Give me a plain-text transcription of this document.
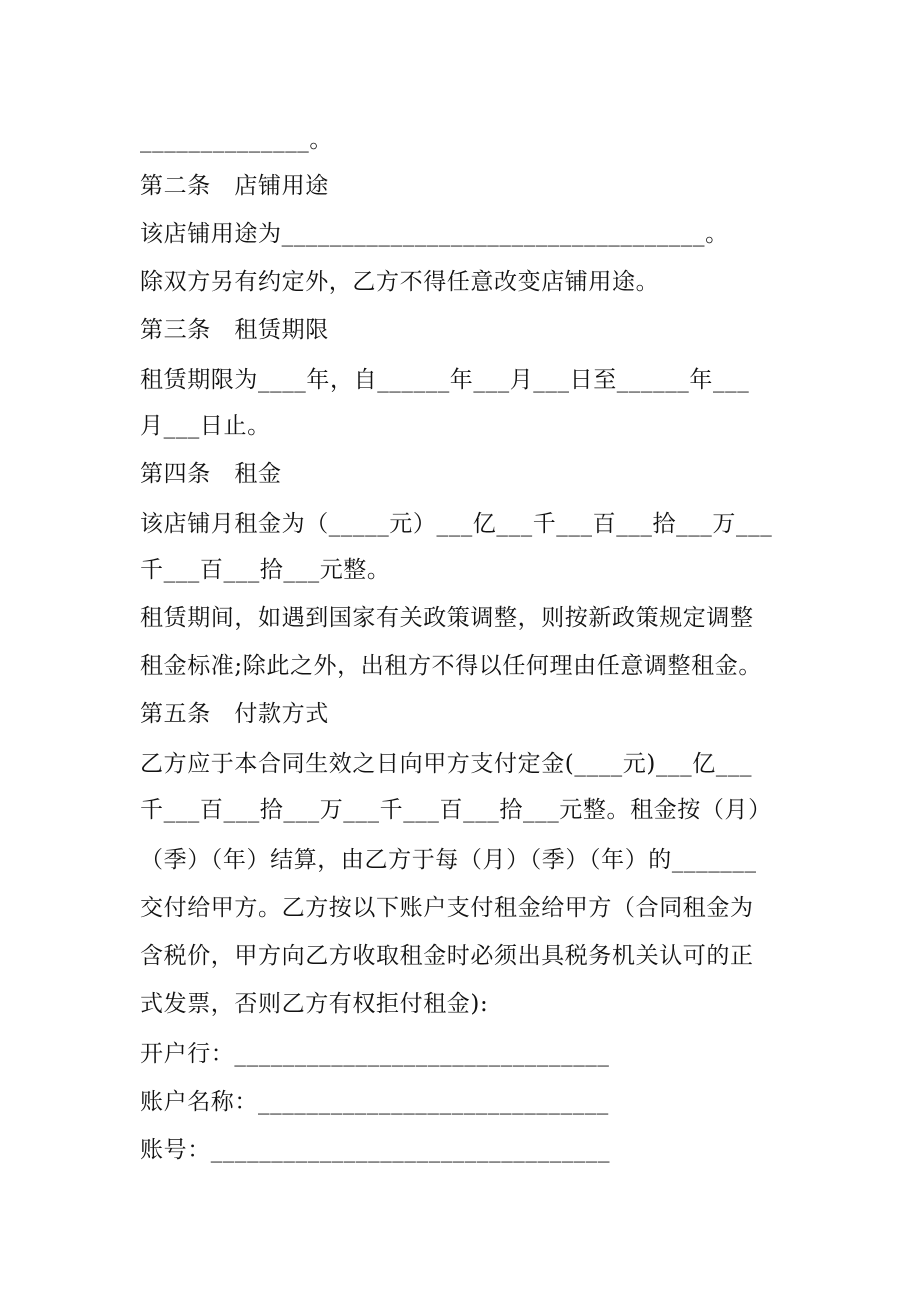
______________。
第二条　店铺用途
该店铺用途为___________________________________。
除双方另有约定外，乙方不得任意改变店铺用途。
第三条　租赁期限
租赁期限为____年，自______年___月___日至______年___
月___日止。
第四条　租金
该店铺月租金为（_____元）___亿___千___百___拾___万___
千___百___拾___元整。
租赁期间，如遇到国家有关政策调整，则按新政策规定调整
租金标准;除此之外，出租方不得以任何理由任意调整租金。
第五条　付款方式
乙方应于本合同生效之日向甲方支付定金(____元)___亿___
千___百___拾___万___千___百___拾___元整。租金按（月）
（季）（年）结算，由乙方于每（月）（季）（年）的_______
交付给甲方。乙方按以下账户支付租金给甲方（合同租金为
含税价，甲方向乙方收取租金时必须出具税务机关认可的正
式发票，否则乙方有权拒付租金):
开户行：_______________________________
账户名称：_____________________________
账号：_________________________________
